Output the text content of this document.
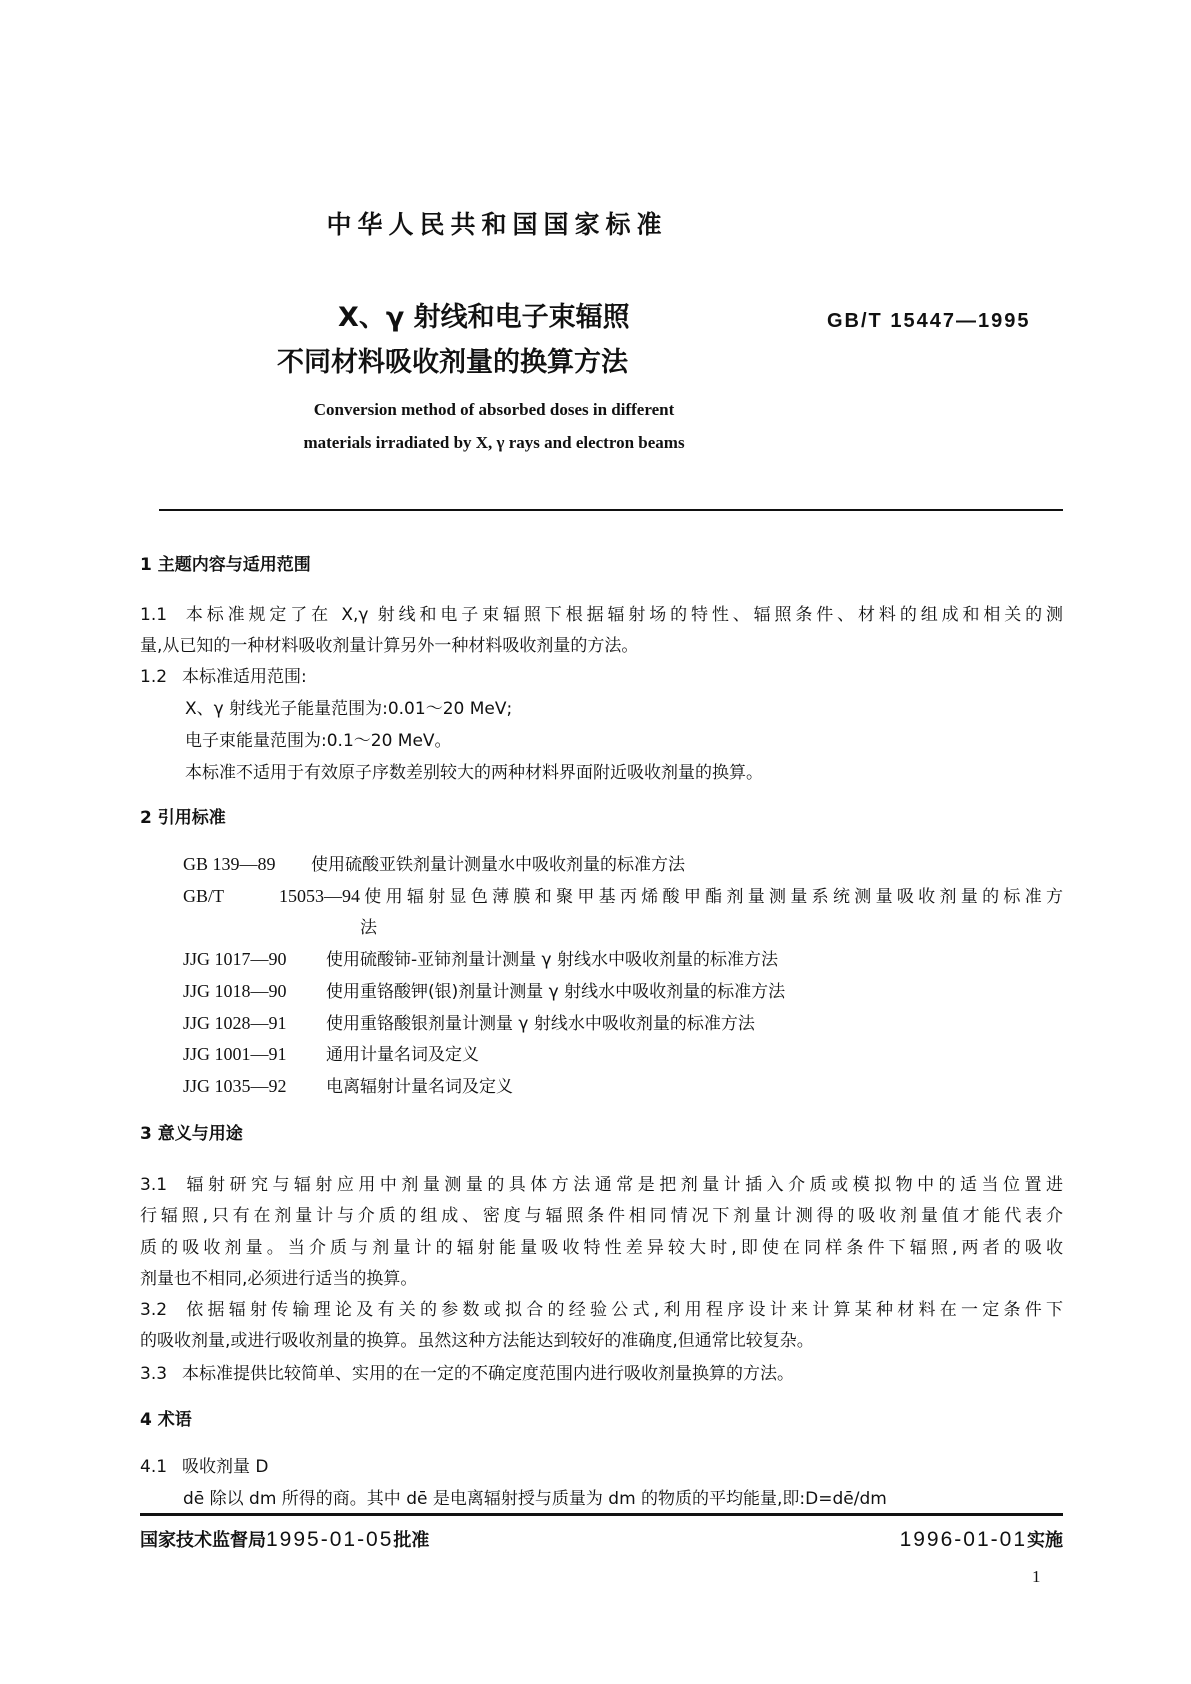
中华人民共和国国家标准
X、γ 射线和电子束辐照
不同材料吸收剂量的换算方法
GB/T 15447—1995
Conversion method of absorbed doses in different
materials irradiated by X, γ rays and electron beams
1 主题内容与适用范围
1.1 本标准规定了在 X,γ 射线和电子束辐照下根据辐射场的特性、辐照条件、材料的组成和相关的测
量,从已知的一种材料吸收剂量计算另外一种材料吸收剂量的方法。
1.2 本标准适用范围:
X、γ 射线光子能量范围为:0.01～20 MeV;
电子束能量范围为:0.1～20 MeV。
本标准不适用于有效原子序数差别较大的两种材料界面附近吸收剂量的换算。
2 引用标准
GB 139—89 使用硫酸亚铁剂量计测量水中吸收剂量的标准方法
GB/T 15053—94使用辐射显色薄膜和聚甲基丙烯酸甲酯剂量测量系统测量吸收剂量的标准方
法
JJG 1017—90 使用硫酸铈-亚铈剂量计测量 γ 射线水中吸收剂量的标准方法
JJG 1018—90 使用重铬酸钾(银)剂量计测量 γ 射线水中吸收剂量的标准方法
JJG 1028—91 使用重铬酸银剂量计测量 γ 射线水中吸收剂量的标准方法
JJG 1001—91 通用计量名词及定义
JJG 1035—92 电离辐射计量名词及定义
3 意义与用途
3.1 辐射研究与辐射应用中剂量测量的具体方法通常是把剂量计插入介质或模拟物中的适当位置进
行辐照,只有在剂量计与介质的组成、密度与辐照条件相同情况下剂量计测得的吸收剂量值才能代表介
质的吸收剂量。当介质与剂量计的辐射能量吸收特性差异较大时,即使在同样条件下辐照,两者的吸收
剂量也不相同,必须进行适当的换算。
3.2 依据辐射传输理论及有关的参数或拟合的经验公式,利用程序设计来计算某种材料在一定条件下
的吸收剂量,或进行吸收剂量的换算。虽然这种方法能达到较好的准确度,但通常比较复杂。
3.3 本标准提供比较简单、实用的在一定的不确定度范围内进行吸收剂量换算的方法。
4 术语
4.1 吸收剂量 D
dē 除以 dm 所得的商。其中 dē 是电离辐射授与质量为 dm 的物质的平均能量,即:D=dē/dm
国家技术监督局1995-01-05批准	1996-01-01实施
1
